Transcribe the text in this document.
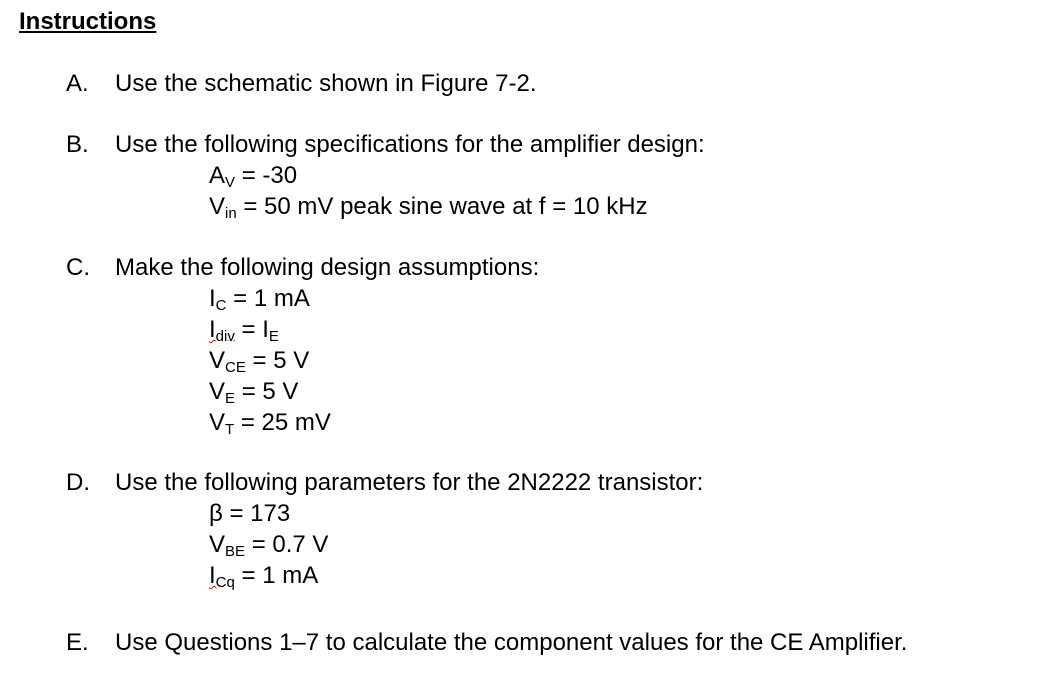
Instructions
A. Use the schematic shown in Figure 7-2.
B. Use the following specifications for the amplifier design:
$A_V = -30$
$V_{in} = 50$ mV peak sine wave at f = 10 kHz
C. Make the following design assumptions:
$I_C = 1$ mA
$I_{div} = I_E$
$V_{CE} = 5$ V
$V_E = 5$ V
$V_T = 25$ mV
D. Use the following parameters for the 2N2222 transistor:
β = 173
$V_{BE} = 0.7$ V
$I_{Cq} = 1$ mA
E. Use Questions 1–7 to calculate the component values for the CE Amplifier.
